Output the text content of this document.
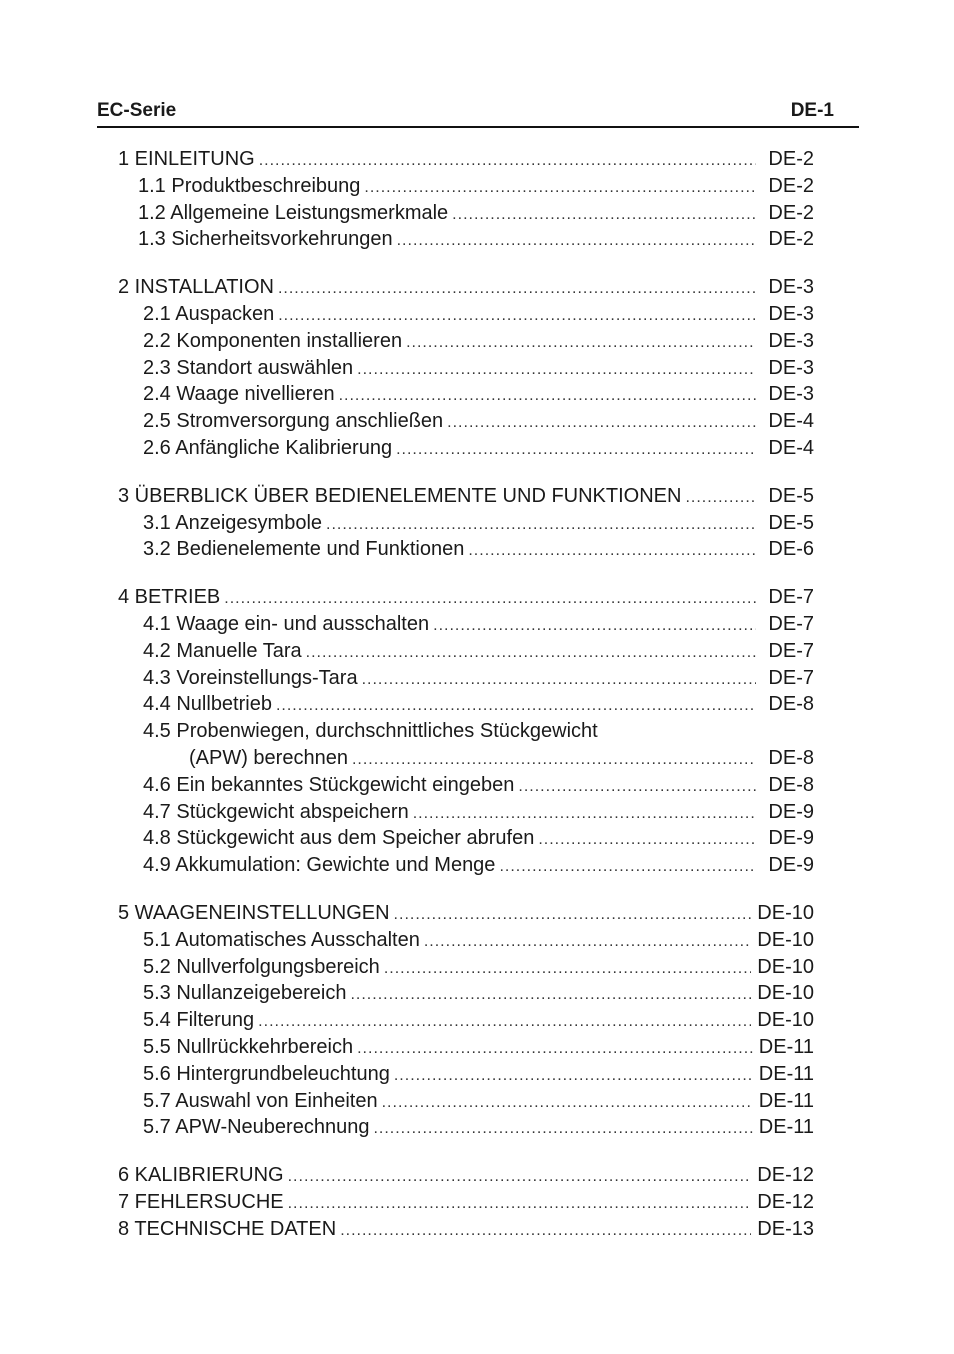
EC-Serie	DE-1
1 EINLEITUNG .....	DE-2
1.1 Produktbeschreibung .....	DE-2
1.2 Allgemeine Leistungsmerkmale .....	DE-2
1.3 Sicherheitsvorkehrungen .....	DE-2
2 INSTALLATION .....	DE-3
2.1 Auspacken .....	DE-3
2.2 Komponenten installieren .....	DE-3
2.3 Standort auswählen .....	DE-3
2.4 Waage nivellieren .....	DE-3
2.5 Stromversorgung anschließen .....	DE-4
2.6 Anfängliche Kalibrierung .....	DE-4
3 ÜBERBLICK ÜBER BEDIENELEMENTE UND FUNKTIONEN .....	DE-5
3.1 Anzeigesymbole .....	DE-5
3.2 Bedienelemente und Funktionen .....	DE-6
4 BETRIEB .....	DE-7
4.1 Waage ein- und ausschalten .....	DE-7
4.2 Manuelle Tara .....	DE-7
4.3 Voreinstellungs-Tara .....	DE-7
4.4 Nullbetrieb .....	DE-8
4.5 Probenwiegen, durchschnittliches Stückgewicht
(APW) berechnen .....	DE-8
4.6 Ein bekanntes Stückgewicht eingeben .....	DE-8
4.7 Stückgewicht abspeichern .....	DE-9
4.8 Stückgewicht aus dem Speicher abrufen .....	DE-9
4.9 Akkumulation: Gewichte und Menge .....	DE-9
5 WAAGENEINSTELLUNGEN .....	DE-10
5.1 Automatisches Ausschalten .....	DE-10
5.2 Nullverfolgungsbereich .....	DE-10
5.3 Nullanzeigebereich .....	DE-10
5.4 Filterung .....	DE-10
5.5 Nullrückkehrbereich .....	DE-11
5.6 Hintergrundbeleuchtung .....	DE-11
5.7 Auswahl von Einheiten .....	DE-11
5.7 APW-Neuberechnung .....	DE-11
6 KALIBRIERUNG .....	DE-12
7 FEHLERSUCHE .....	DE-12
8 TECHNISCHE DATEN .....	DE-13
